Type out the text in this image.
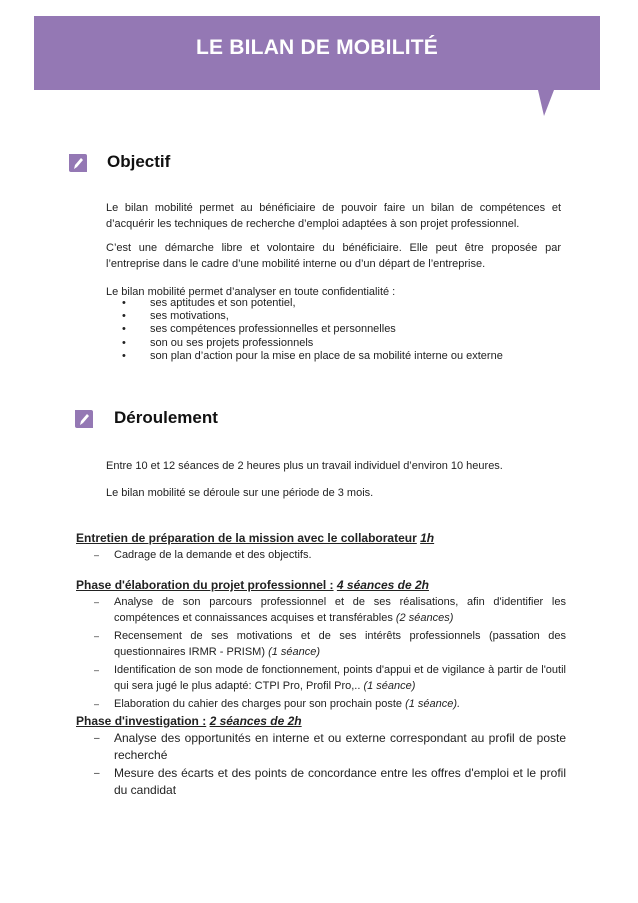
LE BILAN DE MOBILITÉ
Objectif

Le bilan mobilité permet au bénéficiaire de pouvoir faire un bilan de compétences et d’acquérir les techniques de recherche d’emploi adaptées à son projet professionnel.

C’est une démarche libre et volontaire du bénéficiaire. Elle peut être proposée par l’entreprise dans le cadre d’une mobilité interne ou d’un départ de l’entreprise.

Le bilan mobilité permet d’analyser en toute confidentialité :

• ses aptitudes et son potentiel,
• ses motivations,
• ses compétences professionnelles et personnelles
• son ou ses projets professionnels
• son plan d’action pour la mise en place de sa mobilité interne ou externe
Déroulement

Entre 10 et 12 séances de 2 heures plus un travail individuel d’environ 10 heures.

Le bilan mobilité se déroule sur une période de 3 mois.

Entretien de préparation de la mission avec le collaborateur 1h

– Cadrage de la demande et des objectifs.

Phase d'élaboration du projet professionnel : 4 séances de 2h

– Analyse de son parcours professionnel et de ses réalisations, afin d'identifier les compétences et connaissances acquises et transférables (2 séances)
– Recensement de ses motivations et de ses intérêts professionnels (passation des questionnaires IRMR - PRISM) (1 séance)
– Identification de son mode de fonctionnement, points d'appui et de vigilance à partir de l'outil qui sera jugé le plus adapté: CTPI Pro, Profil Pro,.. (1 séance)
– Elaboration du cahier des charges pour son prochain poste (1 séance).

Phase d'investigation : 2 séances de 2h

– Analyse des opportunités en interne et ou externe correspondant au profil de poste recherché
– Mesure des écarts et des points de concordance entre les offres d'emploi et le profil du candidat
